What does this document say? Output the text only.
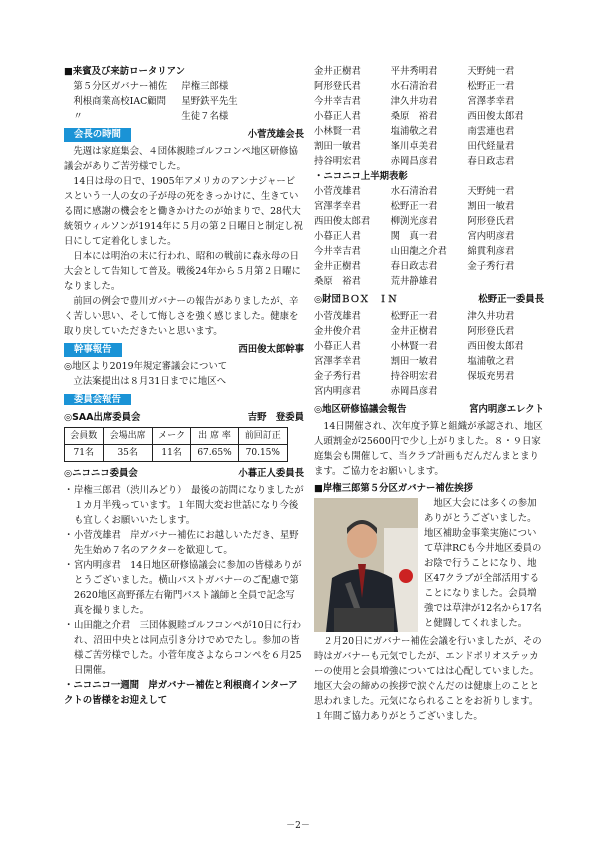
■来賓及び来訪ロータリアン

第５分区ガバナー補佐	岸権三郎様
利根商業高校IAC顧問	星野鉄平先生
〃	生徒７名様
会長の時間	小菅茂雄会長

先週は家庭集会、４団体親睦ゴルフコンペ地区研修協議会がありご苦労様でした。

14日は母の日で、1905年アメリカのアンナジャービスという一人の女の子が母の死をきっかけに、生きている間に感謝の機会をと働きかけたのが始まりで、28代大統領ウィルソンが1914年に５月の第２日曜日と制定し祝日にして定着化しました。

日本には明治の末に行われ、昭和の戦前に森永母の日大会として告知して普及。戦後24年から５月第２日曜になりました。

前回の例会で豊川ガバナーの報告がありましたが、辛く苦しい思い、そして悔しさを強く感じました。健康を取り戻していただきたいと思います。

幹事報告	西田俊太郎幹事

◎地区より2019年規定審議会について

立法案提出は８月31日までに地区へ

委員会報告
◎SAA出席委員会	吉野　登委員
会員数	会場出席	メーク	出 席 率	前回訂正
71名	35名	11名	67.65%	70.15%
◎ニコニコ委員会	小暮正人委員長
・ 岸権三郎君（渋川みどり）　最後の訪問になりましたが１カ月半残っています。１年間大変お世話になり今後も宜しくお願いいたします。
・ 小菅茂雄君　岸ガバナー補佐にお越しいただき、星野先生始め７名のアクターを歓迎して。
・ 宮内明彦君　14日地区研修協議会に参加の皆様ありがとうございました。横山パストガバナーのご配慮で第2620地区高野孫左右衛門パスト議師と全員で記念写真を撮りました。
・ 山田龍之介君　三団体親睦ゴルフコンペが10日に行われ、沼田中央とは同点引き分けでめでたし。参加の皆様ご苦労様でした。小菅年度さよならコンペを６月25日開催。

・ニコニコ一週間　岸ガバナー補佐と利根商インターアクトの皆様をお迎えして

金井正樹君	平井秀明君	天野純一君
阿形登氏君	水石清治君	松野正一君
今井幸吉君	津久井功君	宮澤孝幸君
小暮正人君	桑原　裕君	西田俊太郎君
小林賢一君	塩浦敬之君	南雲連也君
割田一敏君	峯川卓美君	田代経量君
持谷明宏君	赤岡昌彦君	春日政志君

・ニコニコ上半期表彰

小菅茂雄君	水石清治君	天野純一君
宮澤孝幸君	松野正一君	割田一敏君
西田俊太郎君	柳渕光彦君	阿形登氏君
小暮正人君	関　真一君	宮内明彦君
今井幸吉君	山田龍之介君	綿貫利彦君
金井正樹君	春日政志君	金子秀行君
桑原　裕君	荒井静雄君
◎財団ＢＯＸ　ＩＮ	松野正一委員長
小菅茂雄君	松野正一君	津久井功君
金井俊介君	金井正樹君	阿形登氏君
小暮正人君	小林賢一君	西田俊太郎君
宮澤孝幸君	割田一敏君	塩浦敬之君
金子秀行君	持谷明宏君	保坂充男君
宮内明彦君	赤岡昌彦君
◎地区研修協議会報告	宮内明彦エレクト

14日開催され、次年度予算と組織が承認され、地区人頭割金が25600円で少し上がりました。８・９日家庭集会も開催して、当クラブ計画もだんだんまとまります。ご協力をお願いします。

■岸権三郎第５分区ガバナー補佐挨拶

地区大会には多くの参加ありがとうございました。地区補助金事業実施について草津RCも今井地区委員のお陰で行うことになり、地区47クラブが全部活用することになりました。会員増強では草津が12名から17名と健闘してくれました。

２月20日にガバナー補佐会議を行いましたが、その時はガバナーも元気でしたが、エンドポリオステッカーの使用と会員増強についてはは心配していました。地区大会の締めの挨拶で涙ぐんだのは健康上のことと思われました。元気になられることをお祈りします。１年間ご協力ありがとうございました。

－2－
